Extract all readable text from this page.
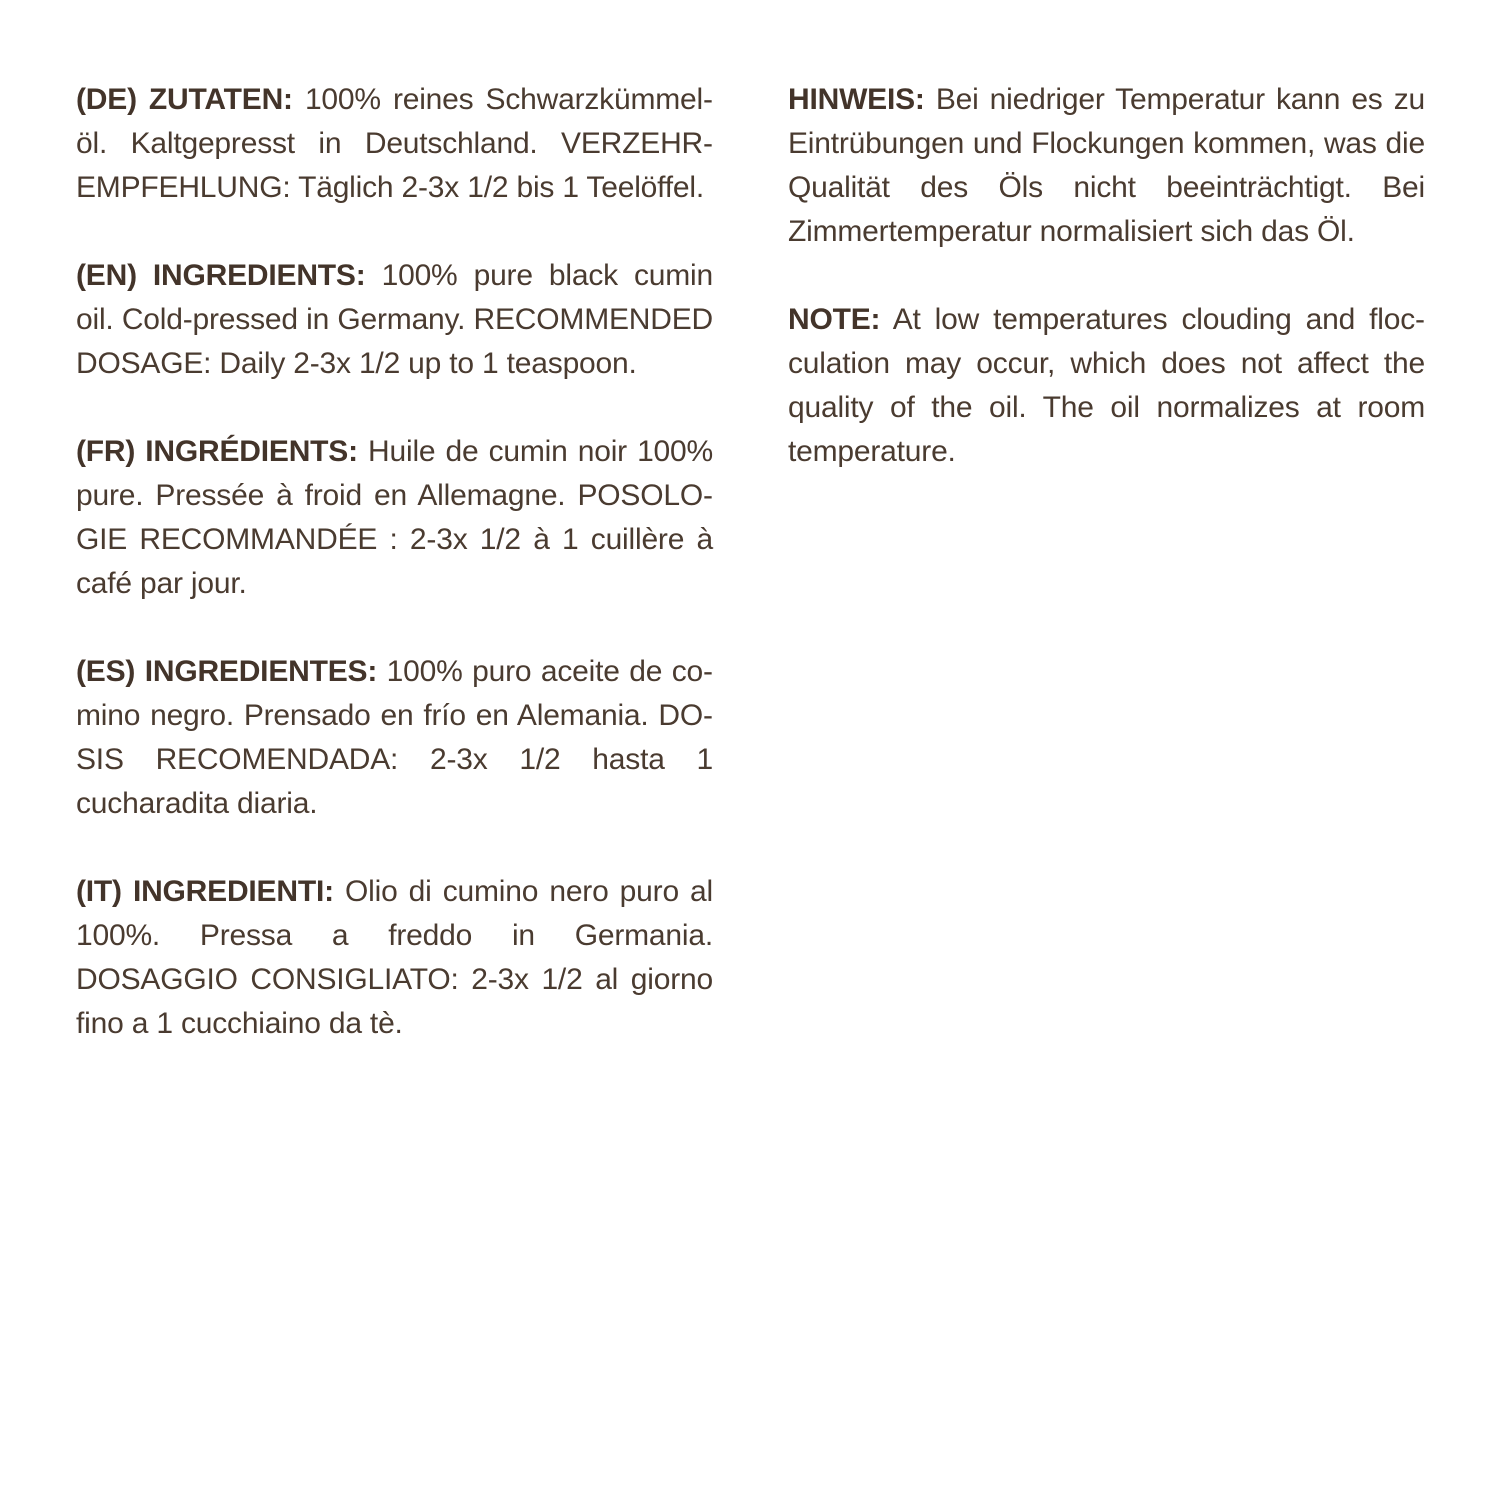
(DE) ZUTATEN: 100% reines Schwarzkümmelöl. Kaltgepresst in Deutschland. VERZEHREMPFEHLUNG: Täglich 2-3x 1/2 bis 1 Teelöffel.

(EN) INGREDIENTS: 100% pure black cumin oil. Cold-pressed in Germany. RECOMMENDED DOSAGE: Daily 2-3x 1/2 up to 1 teaspoon.

(FR) INGRÉDIENTS: Huile de cumin noir 100% pure. Pressée à froid en Allemagne. POSOLOGIE RECOMMANDÉE : 2-3x 1/2 à 1 cuillère à café par jour.

(ES) INGREDIENTES: 100% puro aceite de comino negro. Prensado en frío en Alemania. DOSIS RECOMENDADA: 2-3x 1/2 hasta 1 cucharadita diaria.

(IT) INGREDIENTI: Olio di cumino nero puro al 100%. Pressa a freddo in Germania. DOSAGGIO CONSIGLIATO: 2-3x 1/2 al giorno fino a 1 cucchiaino da tè.

HINWEIS: Bei niedriger Temperatur kann es zu Eintrübungen und Flockungen kommen, was die Qualität des Öls nicht beeinträchtigt. Bei Zimmertemperatur normalisiert sich das Öl.

NOTE: At low temperatures clouding and flocculation may occur, which does not affect the quality of the oil. The oil normalizes at room temperature.
